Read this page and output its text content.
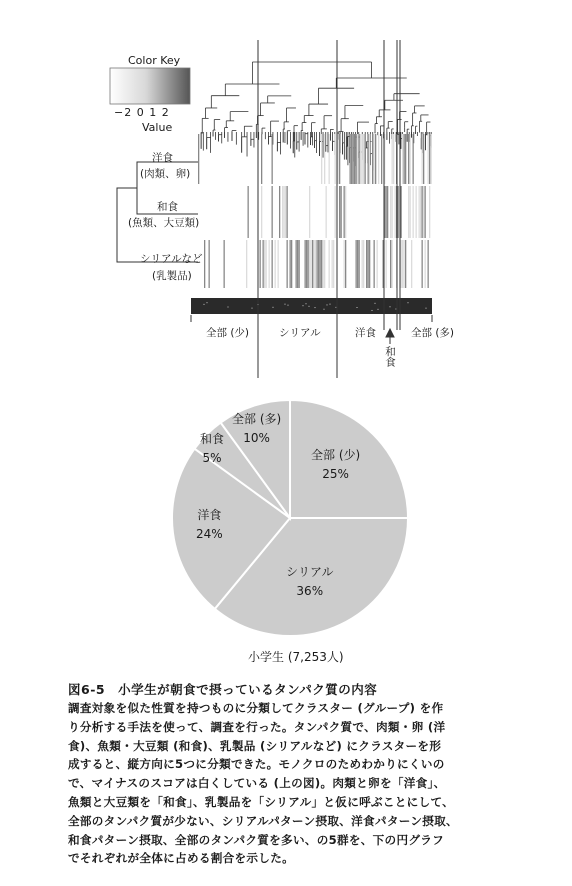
Color Key
−2 0 1 2
Value
洋食
(肉類、卵)
和食
(魚類、大豆類)
シリアルなど
(乳製品)
全部 (少)	シリアル	洋食	全部 (多)
和食
全部 (少)
25%
シリアル
36%
洋食
24%
和食
5%
全部 (多)
10%
小学生 (7,253人)
図6-5　小学生が朝食で摂っているタンパク質の内容
調査対象を似た性質を持つものに分類してクラスター (グループ) を作
り分析する手法を使って、調査を行った。タンパク質で、肉類・卵 (洋
食)、魚類・大豆類 (和食)、乳製品 (シリアルなど) にクラスターを形
成すると、縦方向に5つに分類できた。モノクロのためわかりにくいの
で、マイナスのスコアは白くしている (上の図)。肉類と卵を「洋食」、
魚類と大豆類を「和食」、乳製品を「シリアル」と仮に呼ぶことにして、
全部のタンパク質が少ない、シリアルパターン摂取、洋食パターン摂取、
和食パターン摂取、全部のタンパク質を多い、の5群を、下の円グラフ
でそれぞれが全体に占める割合を示した。
